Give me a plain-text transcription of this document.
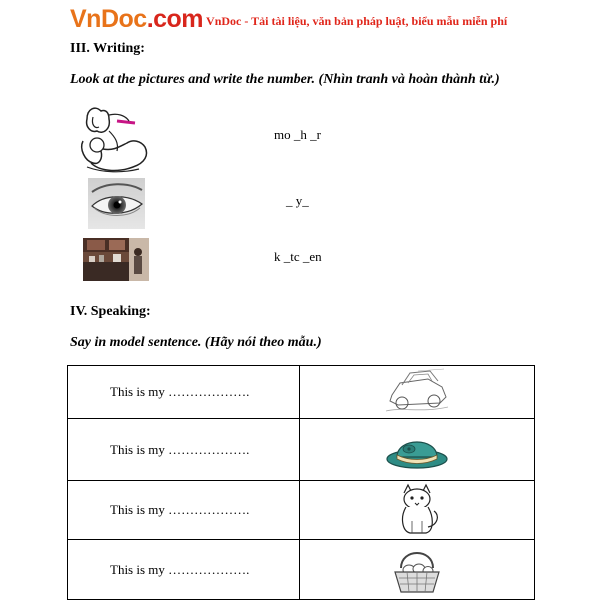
VnDoc.com VnDoc - Tải tài liệu, văn bản pháp luật, biểu mẫu miễn phí
III. Writing:
Look at the pictures and write the number. (Nhìn tranh và hoàn thành từ.)
mo _h _r
_ y_
k _tc _en
IV. Speaking:
Say in model sentence. (Hãy nói theo mẫu.)
This is my ……………….	

This is my ……………….	

This is my ……………….	

This is my ……………….	
